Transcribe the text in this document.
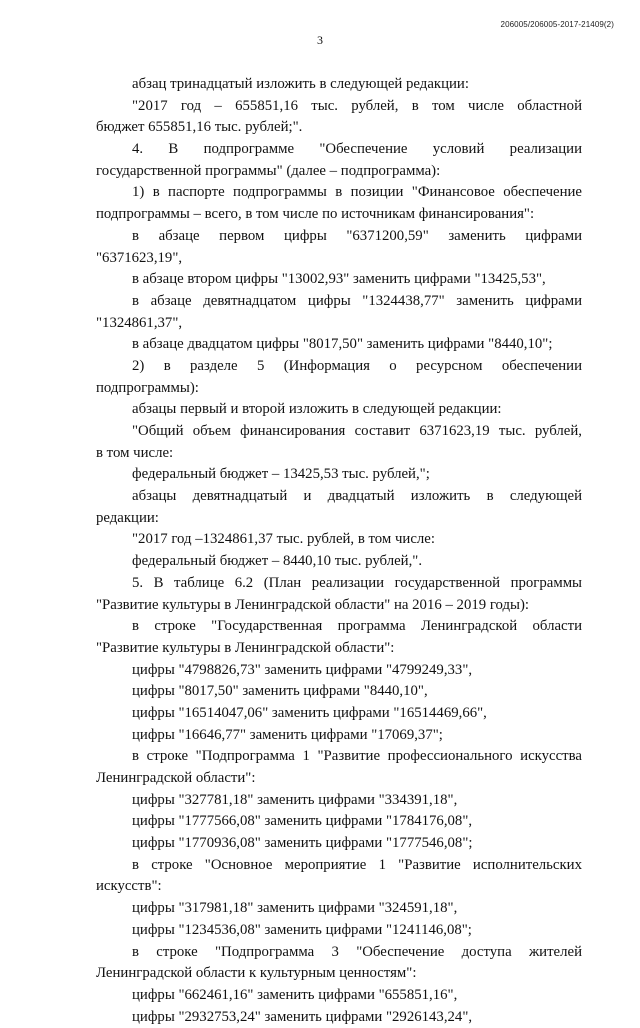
206005/206005-2017-21409(2)
3
абзац тринадцатый изложить в следующей редакции:
"2017 год – 655851,16 тыс. рублей, в том числе областной
бюджет 655851,16 тыс. рублей;".
4. В подпрограмме "Обеспечение условий реализации
государственной программы" (далее – подпрограмма):
1) в паспорте подпрограммы в позиции "Финансовое обеспечение
подпрограммы – всего, в том числе по источникам финансирования":
в абзаце первом цифры "6371200,59" заменить цифрами
"6371623,19",
в абзаце втором цифры "13002,93" заменить цифрами "13425,53",
в абзаце девятнадцатом цифры "1324438,77" заменить цифрами
"1324861,37",
в абзаце двадцатом цифры "8017,50" заменить цифрами "8440,10";
2) в разделе 5 (Информация о ресурсном обеспечении
подпрограммы):
абзацы первый и второй изложить в следующей редакции:
"Общий объем финансирования составит 6371623,19 тыс. рублей,
в том числе:
федеральный бюджет – 13425,53 тыс. рублей,";
абзацы девятнадцатый и двадцатый изложить в следующей
редакции:
"2017 год –1324861,37 тыс. рублей, в том числе:
федеральный бюджет – 8440,10 тыс. рублей,".
5. В таблице 6.2 (План реализации государственной программы
"Развитие культуры в Ленинградской области" на 2016 – 2019 годы):
в строке "Государственная программа Ленинградской области
"Развитие культуры в Ленинградской области":
цифры "4798826,73" заменить цифрами "4799249,33",
цифры "8017,50" заменить цифрами "8440,10",
цифры "16514047,06" заменить цифрами "16514469,66",
цифры "16646,77" заменить цифрами "17069,37";
в строке "Подпрограмма 1 "Развитие профессионального искусства
Ленинградской области":
цифры "327781,18" заменить цифрами "334391,18",
цифры "1777566,08" заменить цифрами "1784176,08",
цифры "1770936,08" заменить цифрами "1777546,08";
в строке "Основное мероприятие 1 "Развитие исполнительских
искусств":
цифры "317981,18" заменить цифрами "324591,18",
цифры "1234536,08" заменить цифрами "1241146,08";
в строке "Подпрограмма 3 "Обеспечение доступа жителей
Ленинградской области к культурным ценностям":
цифры "662461,16" заменить цифрами "655851,16",
цифры "2932753,24" заменить цифрами "2926143,24",
